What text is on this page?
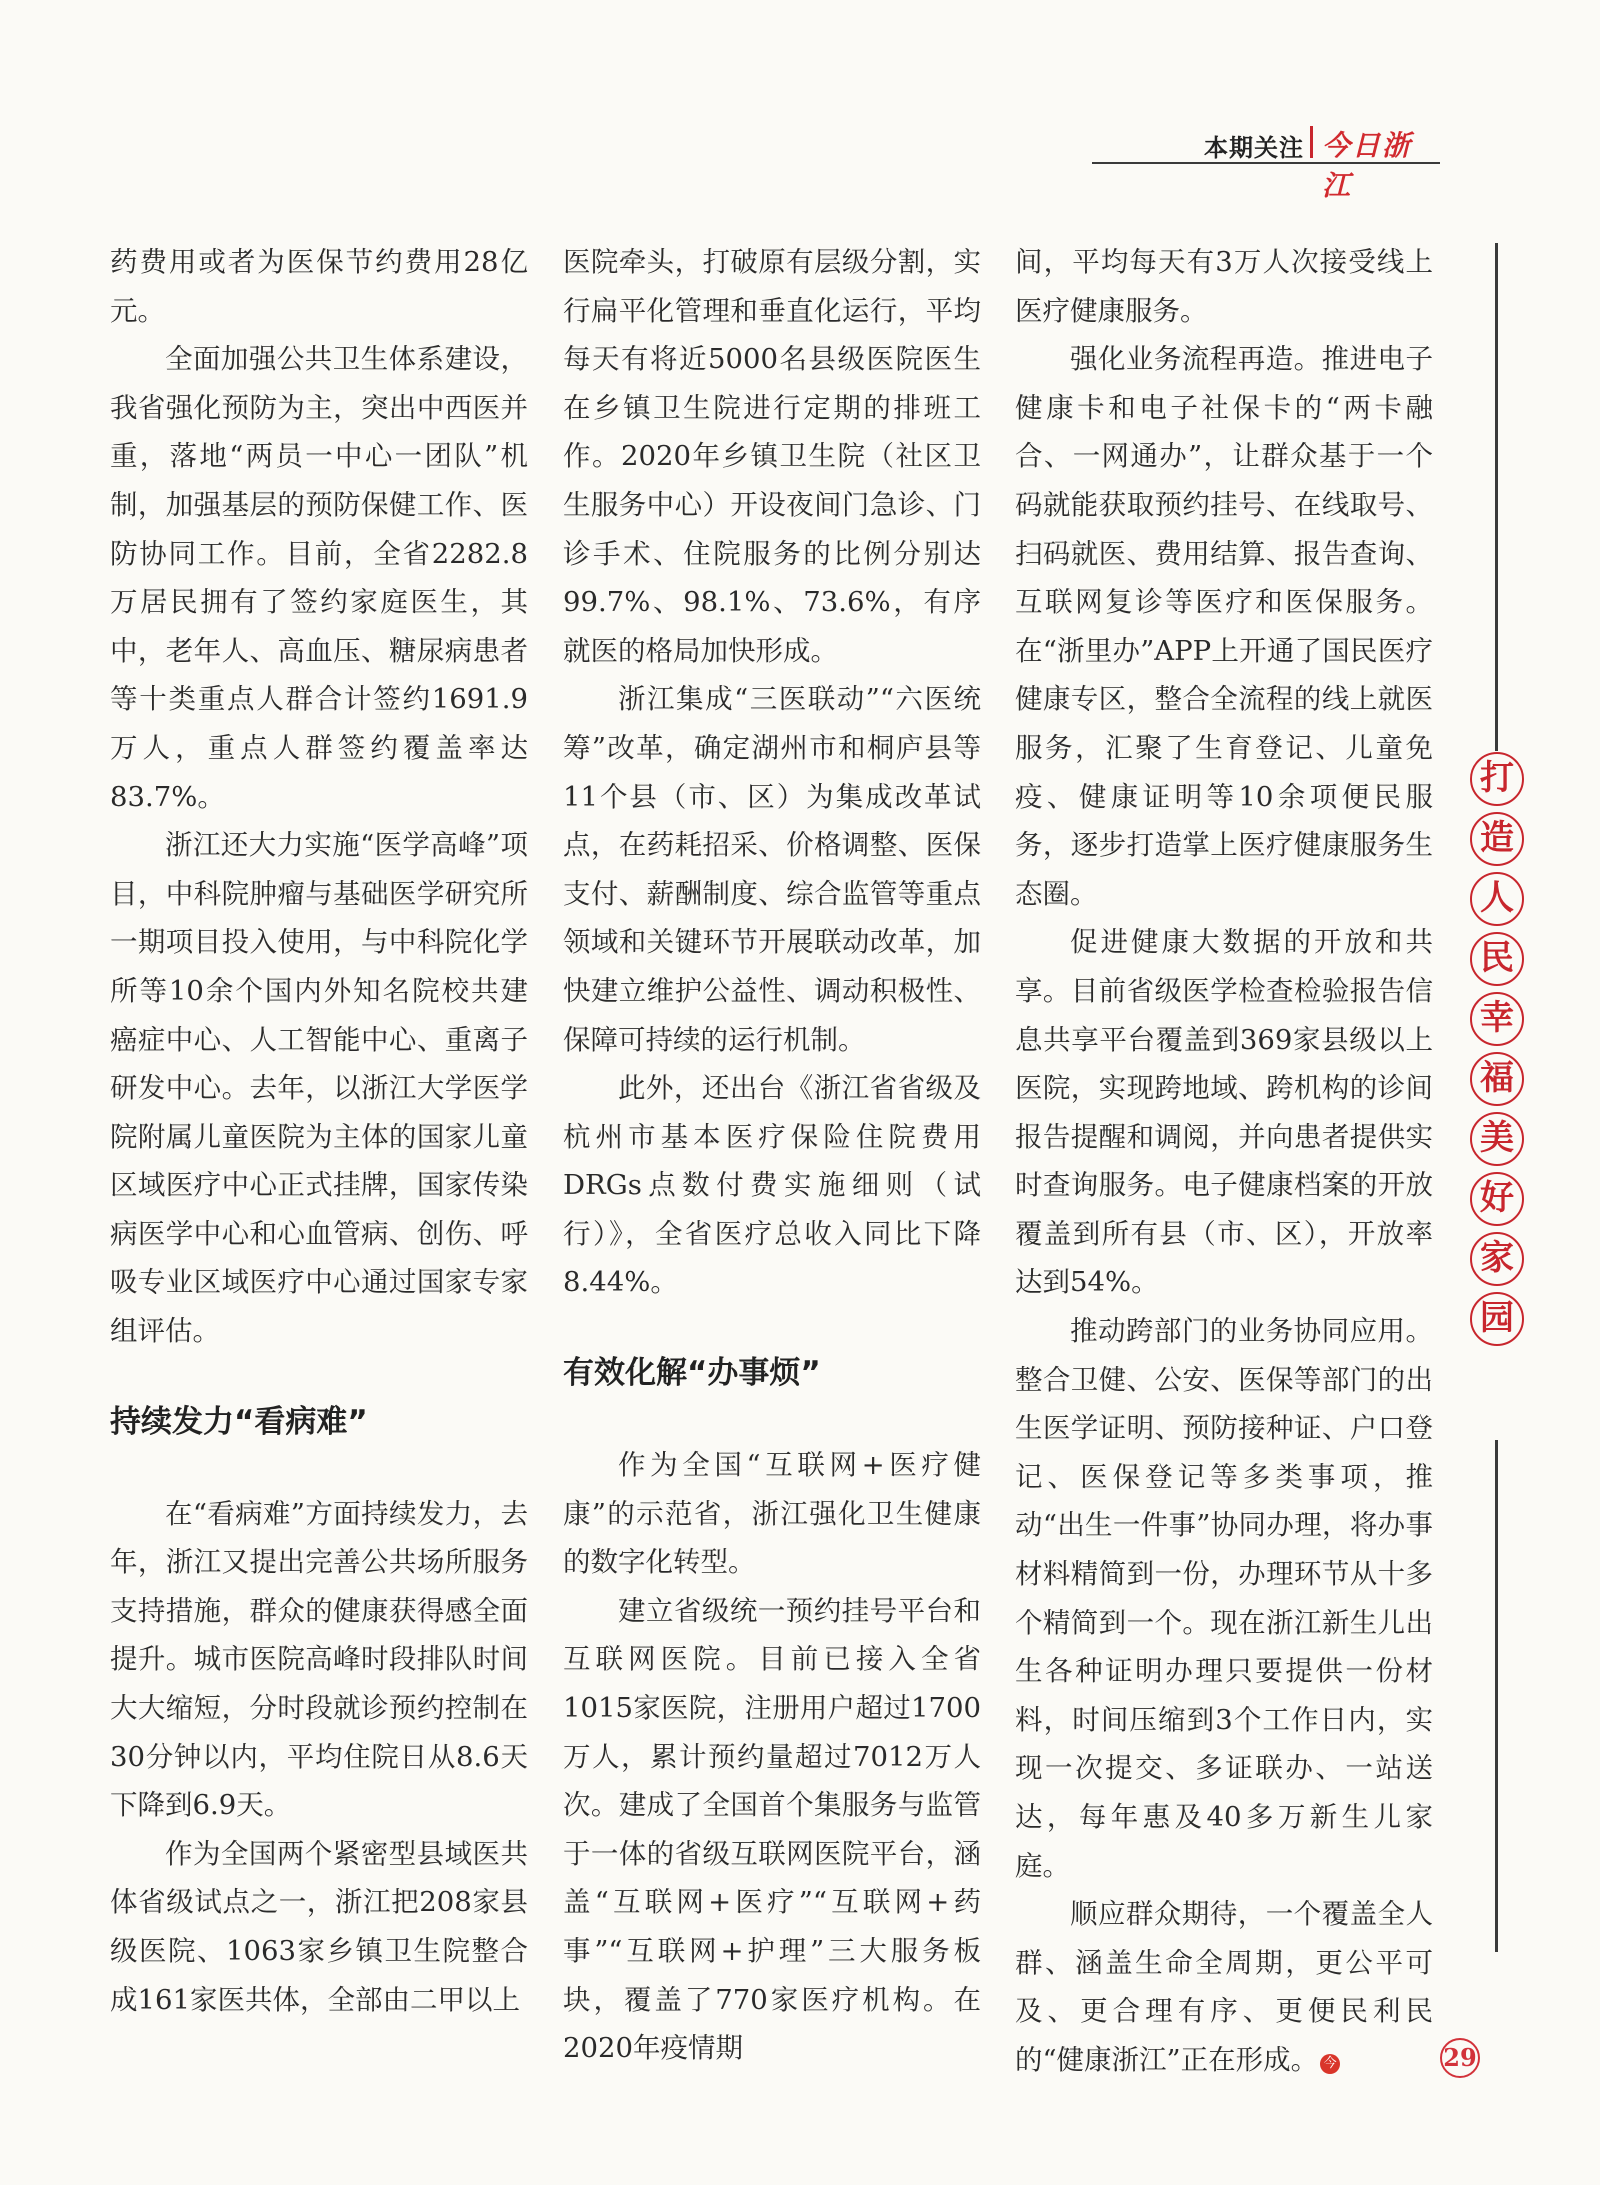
本期关注 今日浙江

药费用或者为医保节约费用28亿元。

全面加强公共卫生体系建设，我省强化预防为主，突出中西医并重，落地“两员一中心一团队”机制，加强基层的预防保健工作、医防协同工作。目前，全省2282.8万居民拥有了签约家庭医生，其中，老年人、高血压、糖尿病患者等十类重点人群合计签约1691.9万人，重点人群签约覆盖率达83.7%。

浙江还大力实施“医学高峰”项目，中科院肿瘤与基础医学研究所一期项目投入使用，与中科院化学所等10余个国内外知名院校共建癌症中心、人工智能中心、重离子研发中心。去年，以浙江大学医学院附属儿童医院为主体的国家儿童区域医疗中心正式挂牌，国家传染病医学中心和心血管病、创伤、呼吸专业区域医疗中心通过国家专家组评估。

持续发力“看病难”

在“看病难”方面持续发力，去年，浙江又提出完善公共场所服务支持措施，群众的健康获得感全面提升。城市医院高峰时段排队时间大大缩短，分时段就诊预约控制在30分钟以内，平均住院日从8.6天下降到6.9天。

作为全国两个紧密型县域医共体省级试点之一，浙江把208家县级医院、1063家乡镇卫生院整合成161家医共体，全部由二甲以上

医院牵头，打破原有层级分割，实行扁平化管理和垂直化运行，平均每天有将近5000名县级医院医生在乡镇卫生院进行定期的排班工作。2020年乡镇卫生院（社区卫生服务中心）开设夜间门急诊、门诊手术、住院服务的比例分别达99.7%、98.1%、73.6%，有序就医的格局加快形成。

浙江集成“三医联动”“六医统筹”改革，确定湖州市和桐庐县等11个县（市、区）为集成改革试点，在药耗招采、价格调整、医保支付、薪酬制度、综合监管等重点领域和关键环节开展联动改革，加快建立维护公益性、调动积极性、保障可持续的运行机制。

此外，还出台《浙江省省级及杭州市基本医疗保险住院费用DRGs点数付费实施细则（试行）》，全省医疗总收入同比下降8.44%。

有效化解“办事烦”

作为全国“互联网+医疗健康”的示范省，浙江强化卫生健康的数字化转型。

建立省级统一预约挂号平台和互联网医院。目前已接入全省1015家医院，注册用户超过1700万人，累计预约量超过7012万人次。建成了全国首个集服务与监管于一体的省级互联网医院平台，涵盖“互联网+医疗”“互联网+药事”“互联网+护理”三大服务板块，覆盖了770家医疗机构。在2020年疫情期

间，平均每天有3万人次接受线上医疗健康服务。

强化业务流程再造。推进电子健康卡和电子社保卡的“两卡融合、一网通办”，让群众基于一个码就能获取预约挂号、在线取号、扫码就医、费用结算、报告查询、互联网复诊等医疗和医保服务。在“浙里办”APP上开通了国民医疗健康专区，整合全流程的线上就医服务，汇聚了生育登记、儿童免疫、健康证明等10余项便民服务，逐步打造掌上医疗健康服务生态圈。

促进健康大数据的开放和共享。目前省级医学检查检验报告信息共享平台覆盖到369家县级以上医院，实现跨地域、跨机构的诊间报告提醒和调阅，并向患者提供实时查询服务。电子健康档案的开放覆盖到所有县（市、区），开放率达到54%。

推动跨部门的业务协同应用。整合卫健、公安、医保等部门的出生医学证明、预防接种证、户口登记、医保登记等多类事项，推动“出生一件事”协同办理，将办事材料精简到一份，办理环节从十多个精简到一个。现在浙江新生儿出生各种证明办理只要提供一份材料，时间压缩到3个工作日内，实现一次提交、多证联办、一站送达，每年惠及40多万新生儿家庭。

顺应群众期待，一个覆盖全人群、涵盖生命全周期，更公平可及、更合理有序、更便民利民的“健康浙江”正在形成。 今

打
造
人
民
幸
福
美
好
家
园
29
